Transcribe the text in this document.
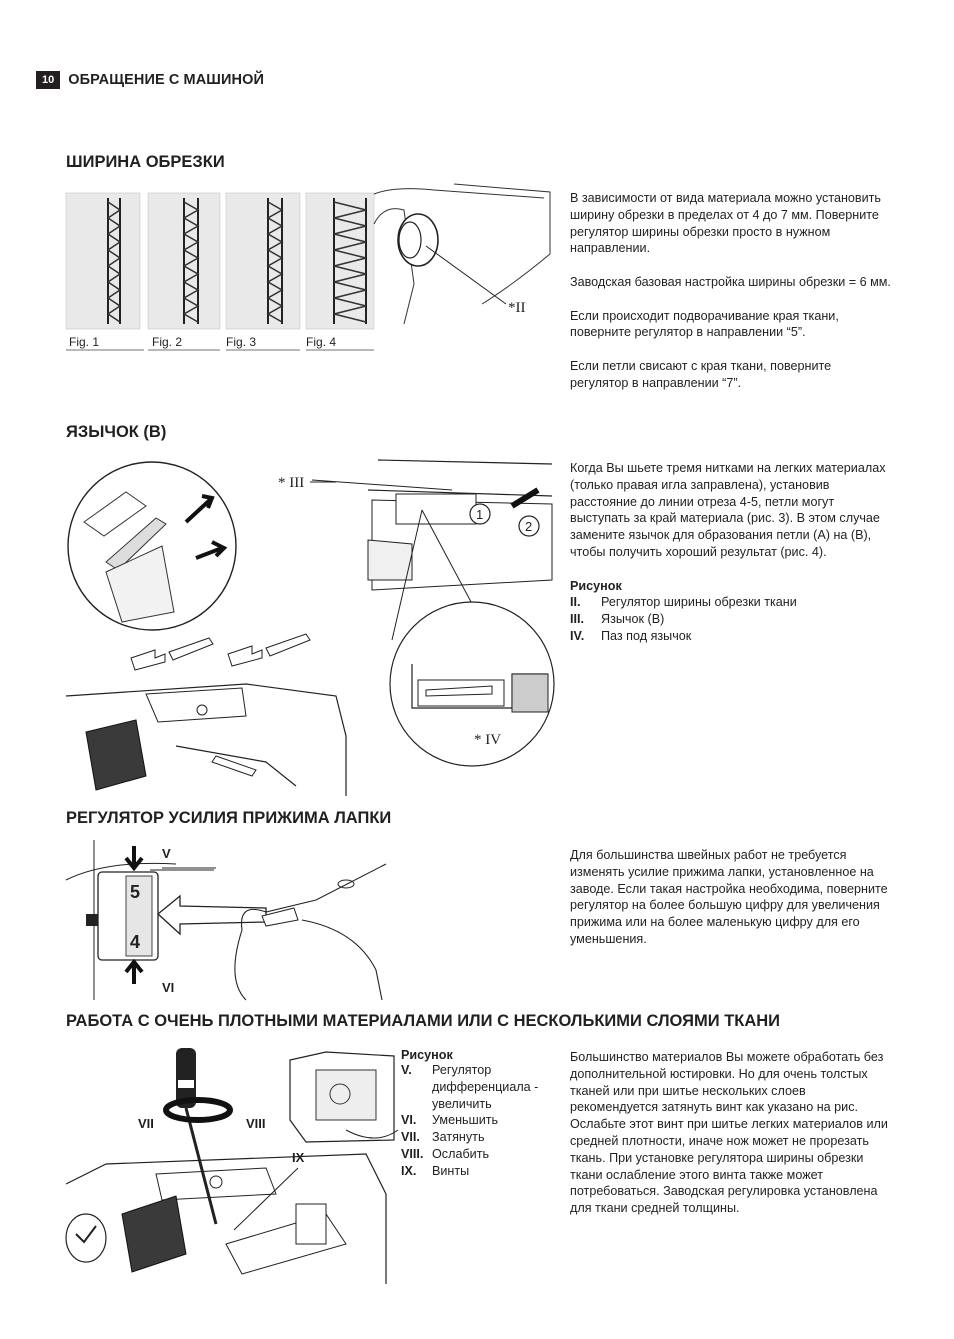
10 ОБРАЩЕНИЕ С МАШИНОЙ
ШИРИНА ОБРЕЗКИ
Fig. 1	Fig. 2	Fig. 3	Fig. 4
*II

В зависимости от вида материала можно установить ширину обрезки в пределах от 4 до 7 мм. Поверните регулятор ширины обрезки просто в нужном направлении.

Заводская базовая настройка ширины обрезки = 6 мм.

Если происходит подворачивание края ткани, поверните регулятор в направлении “5”.

Если петли свисают с края ткани, поверните регулятор в направлении “7”.

ЯЗЫЧОК (B)
1
2
* IV
* III

Когда Вы шьете тремя нитками на легких материалах (только правая игла заправлена), установив расстояние до линии отреза 4-5, петли могут выступать за край материала (рис. 3). В этом случае замените язычок для образования петли (A) на (B), чтобы получить хороший результат (рис. 4).

Рисунок
II.	Регулятор ширины обрезки ткани
III.	Язычок (B)
IV.	Паз под язычок
РЕГУЛЯТОР УСИЛИЯ ПРИЖИМА ЛАПКИ
5
4
V
VI

Для большинства швейных работ не требуется изменять усилие прижима лапки, установленное на заводе. Если такая настройка необходима, поверните регулятор на более большую цифру для увеличения прижима или на более маленькую цифру для его уменьшения.

РАБОТА С ОЧЕНЬ ПЛОТНЫМИ МАТЕРИАЛАМИ ИЛИ С НЕСКОЛЬКИМИ СЛОЯМИ ТКАНИ
VII	VIII
IX
Рисунок
V.	Регулятор дифференциала - увеличить
VI.	Уменьшить
VII. Затянуть
VIII. Ослабить
IX.	Винты

Большинство материалов Вы можете обработать без дополнительной юстировки. Но для очень толстых тканей или при шитье нескольких слоев рекомендуется затянуть винт как указано на рис. Ослабьте этот винт при шитье легких материалов или средней плотности, иначе нож может не прорезать ткань. При установке регулятора ширины обрезки ткани ослабление этого винта также может потребоваться. Заводская регулировка установлена для ткани средней толщины.
